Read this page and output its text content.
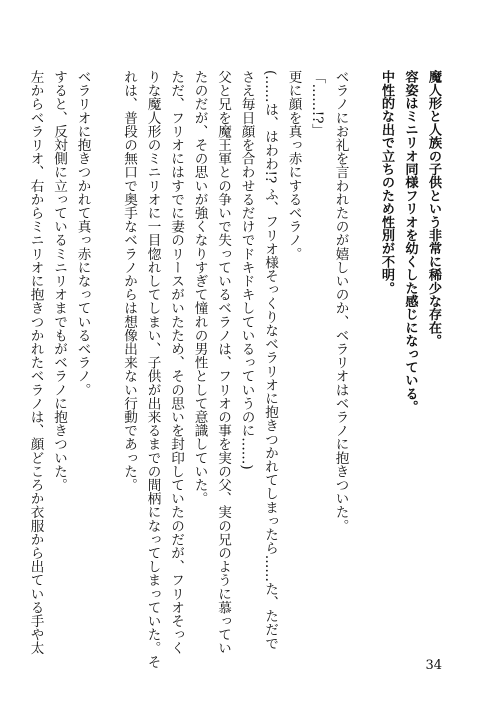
魔人形と人族の子供という非常に稀少な存在。
容姿はミニリオ同様フリオを幼くした感じになっている。
中性的な出で立ちのため性別が不明。
ベラノにお礼を言われたのが嬉しいのか、ベラリオはベラノに抱きついた。
「……!?」
更に顔を真っ赤にするベラノ。
(……は、はわわ!? ふ、フリオ様そっくりなベラリオに抱きつかれてしまったら……た、ただで
さえ毎日顔を合わせるだけでドキドキしているっていうのに……)
父と兄を魔王軍との争いで失っているベラノは、フリオの事を実の父、実の兄のように慕ってい
たのだが、その思いが強くなりすぎて憧れの男性として意識していた。
ただ、フリオにはすでに妻のリースがいたため、その思いを封印していたのだが、フリオそっく
りな魔人形のミニリオに一目惚れしてしまい、子供が出来るまでの間柄になってしまっていた。そ
れは、普段の無口で奥手なベラノからは想像出来ない行動であった。
ベラリオに抱きつかれて真っ赤になっているベラノ。
すると、反対側に立っているミニリオまでもがベラノに抱きついた。
左からベラリオ、右からミニリオに抱きつかれたベラノは、顔どころか衣服から出ている手や太
34
